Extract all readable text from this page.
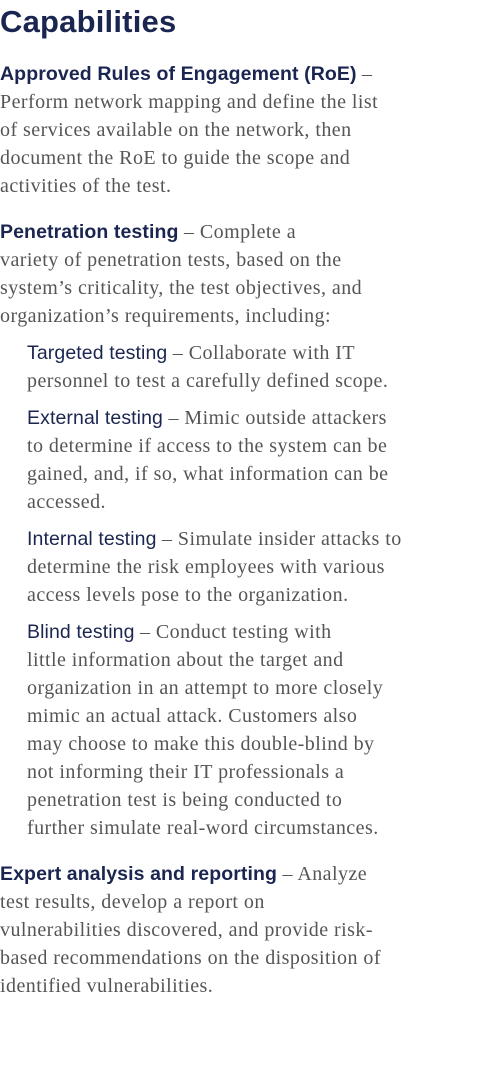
Capabilities

Approved Rules of Engagement (RoE) –

Perform network mapping and define the list

of services available on the network, then

document the RoE to guide the scope and

activities of the test.

Penetration testing – Complete a

variety of penetration tests, based on the

system’s criticality, the test objectives, and

organization’s requirements, including:

Targeted testing – Collaborate with IT

personnel to test a carefully defined scope.

External testing – Mimic outside attackers

to determine if access to the system can be

gained, and, if so, what information can be

accessed.

Internal testing – Simulate insider attacks to

determine the risk employees with various

access levels pose to the organization.

Blind testing – Conduct testing with

little information about the target and

organization in an attempt to more closely

mimic an actual attack. Customers also

may choose to make this double-blind by

not informing their IT professionals a

penetration test is being conducted to

further simulate real-word circumstances.

Expert analysis and reporting – Analyze

test results, develop a report on

vulnerabilities discovered, and provide risk-

based recommendations on the disposition of

identified vulnerabilities.
